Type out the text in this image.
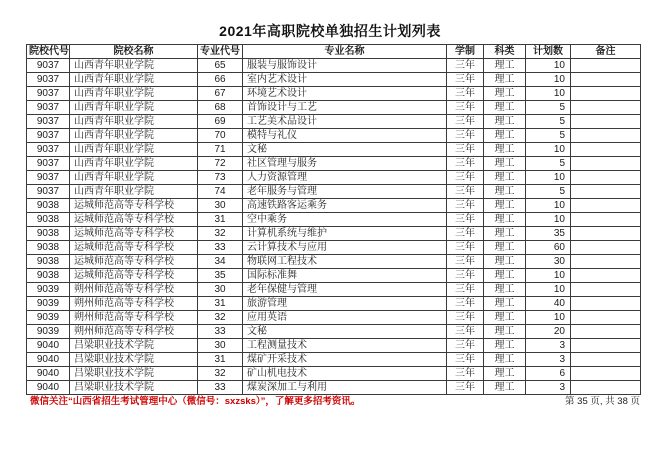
2021年高职院校单独招生计划列表
院校代号	院校名称	专业代号	专业名称	学制	科类	计划数	备注
9037	山西青年职业学院	65	服装与服饰设计	三年	理工	10	
9037	山西青年职业学院	66	室内艺术设计	三年	理工	10	
9037	山西青年职业学院	67	环境艺术设计	三年	理工	10	
9037	山西青年职业学院	68	首饰设计与工艺	三年	理工	5	
9037	山西青年职业学院	69	工艺美术品设计	三年	理工	5	
9037	山西青年职业学院	70	模特与礼仪	三年	理工	5	
9037	山西青年职业学院	71	文秘	三年	理工	10	
9037	山西青年职业学院	72	社区管理与服务	三年	理工	5	
9037	山西青年职业学院	73	人力资源管理	三年	理工	10	
9037	山西青年职业学院	74	老年服务与管理	三年	理工	5	
9038	运城师范高等专科学校	30	高速铁路客运乘务	三年	理工	10	
9038	运城师范高等专科学校	31	空中乘务	三年	理工	10	
9038	运城师范高等专科学校	32	计算机系统与维护	三年	理工	35	
9038	运城师范高等专科学校	33	云计算技术与应用	三年	理工	60	
9038	运城师范高等专科学校	34	物联网工程技术	三年	理工	30	
9038	运城师范高等专科学校	35	国际标准舞	三年	理工	10	
9039	朔州师范高等专科学校	30	老年保健与管理	三年	理工	10	
9039	朔州师范高等专科学校	31	旅游管理	三年	理工	40	
9039	朔州师范高等专科学校	32	应用英语	三年	理工	10	
9039	朔州师范高等专科学校	33	文秘	三年	理工	20	
9040	吕梁职业技术学院	30	工程测量技术	三年	理工	3	
9040	吕梁职业技术学院	31	煤矿开采技术	三年	理工	3	
9040	吕梁职业技术学院	32	矿山机电技术	三年	理工	6	
9040	吕梁职业技术学院	33	煤炭深加工与利用	三年	理工	3	
微信关注“山西省招生考试管理中心（微信号：sxzsks）”，了解更多招考资讯。	第 35 页, 共 38 页
